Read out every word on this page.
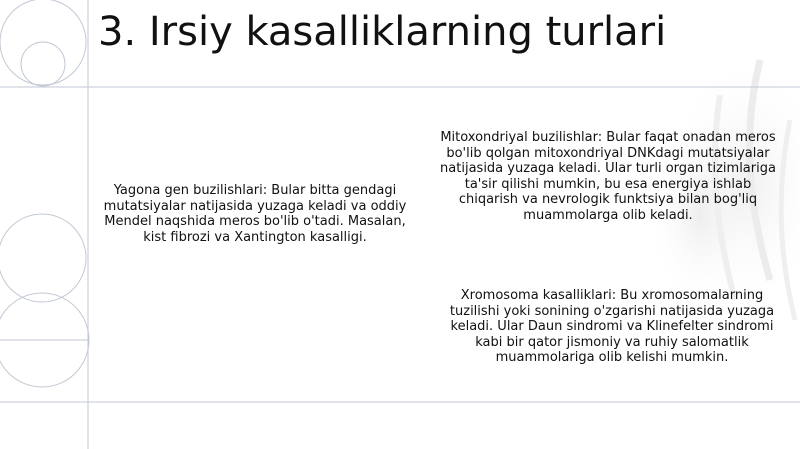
3. Irsiy kasalliklarning turlari

Yagona gen buzilishlari: Bular bitta gendagi mutatsiyalar natijasida yuzaga keladi va oddiy Mendel naqshida meros bo'lib o'tadi. Masalan, kist fibrozi va Xantington kasalligi.

Mitoxondriyal buzilishlar: Bular faqat onadan meros bo'lib qolgan mitoxondriyal DNKdagi mutatsiyalar natijasida yuzaga keladi. Ular turli organ tizimlariga ta'sir qilishi mumkin, bu esa energiya ishlab chiqarish va nevrologik funktsiya bilan bog'liq muammolarga olib keladi.

Xromosoma kasalliklari: Bu xromosomalarning tuzilishi yoki sonining o'zgarishi natijasida yuzaga keladi. Ular Daun sindromi va Klinefelter sindromi kabi bir qator jismoniy va ruhiy salomatlik muammolariga olib kelishi mumkin.
